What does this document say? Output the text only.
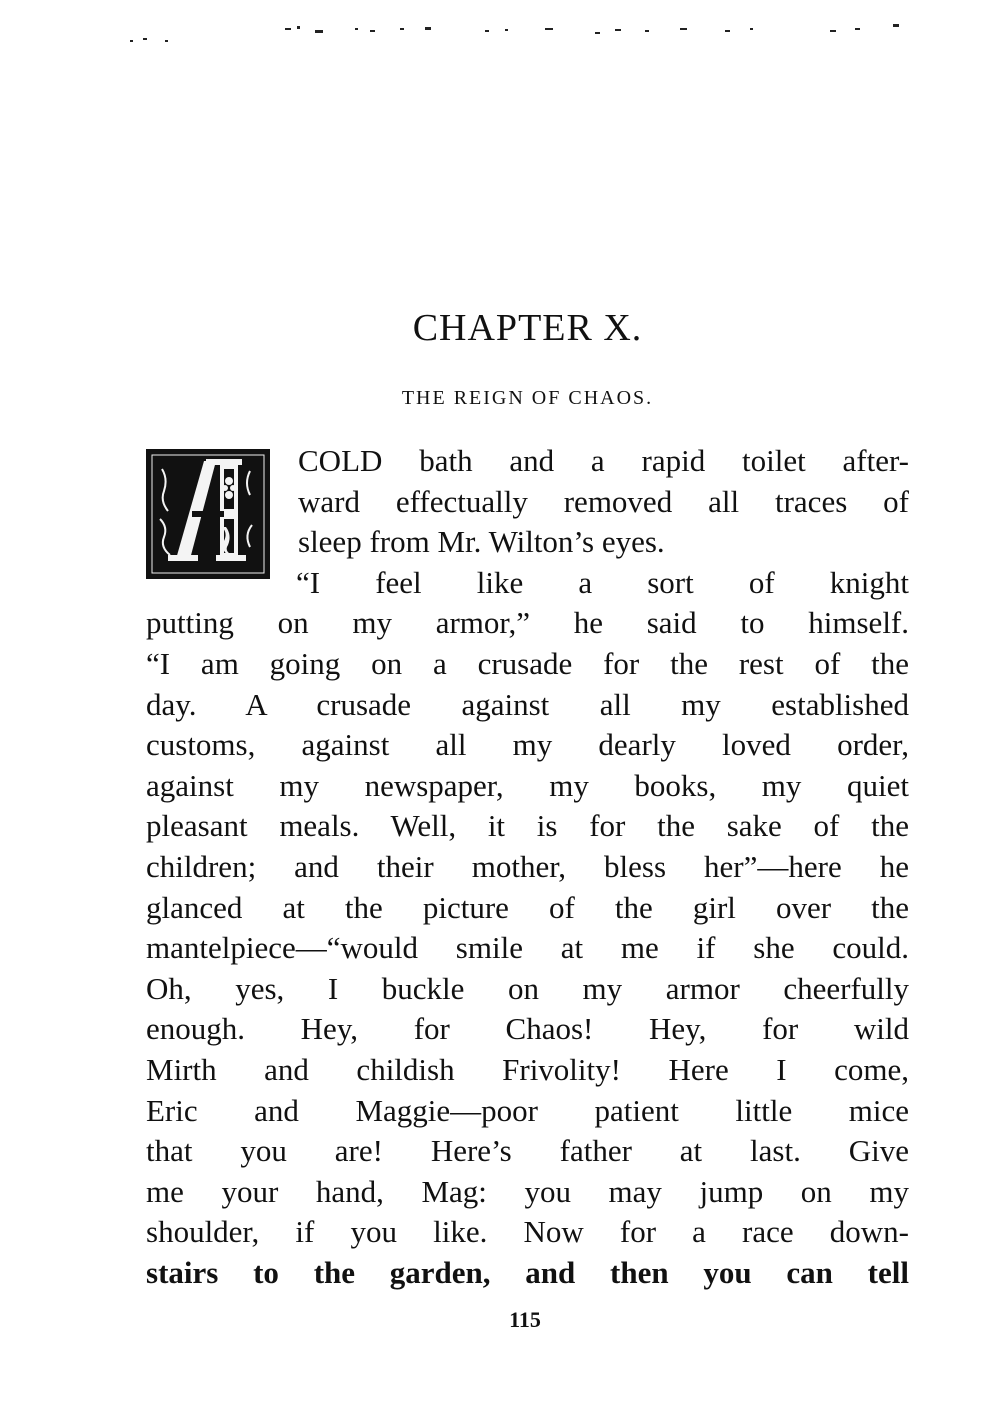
CHAPTER X.
THE REIGN OF CHAOS.
COLD bath and a rapid toilet after-
ward effectually removed all traces of
sleep from Mr. Wilton’s eyes.
“I feel like a sort of knight
putting on my armor,” he said to himself.
“I am going on a crusade for the rest of the
day. A crusade against all my established
customs, against all my dearly loved order,
against my newspaper, my books, my quiet
pleasant meals. Well, it is for the sake of the
children; and their mother, bless her”—here he
glanced at the picture of the girl over the
mantelpiece—“would smile at me if she could.
Oh, yes, I buckle on my armor cheerfully
enough. Hey, for Chaos! Hey, for wild
Mirth and childish Frivolity! Here I come,
Eric and Maggie—poor patient little mice
that you are! Here’s father at last. Give
me your hand, Mag: you may jump on my
shoulder, if you like. Now for a race down-
stairs to the garden, and then you can tell
115
